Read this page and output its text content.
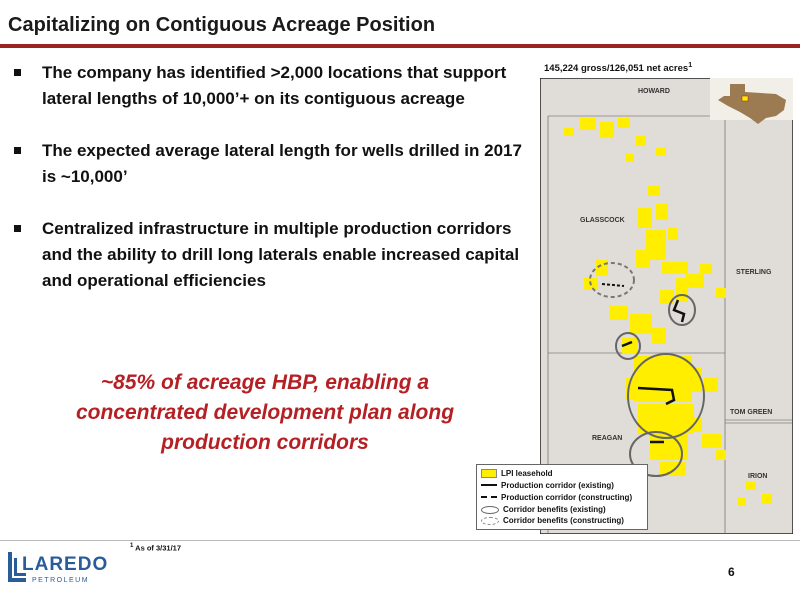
Capitalizing on Contiguous Acreage Position
The company has identified >2,000 locations that support lateral lengths of 10,000’+ on its contiguous acreage
The expected average lateral length for wells drilled in 2017 is ~10,000’
Centralized infrastructure in multiple production corridors and the ability to drill long laterals enable increased capital and operational efficiencies
~85% of acreage HBP, enabling a concentrated development plan along production corridors
145,224 gross/126,051 net acres$^1$
HOWARD
GLASSCOCK
STERLING
TOM GREEN
REAGAN
IRION
LPI leasehold
Production corridor (existing)
Production corridor (constructing)
Corridor benefits (existing)
Corridor benefits (constructing)
$^1$ As of 3/31/17
LAREDO
PETROLEUM
6
